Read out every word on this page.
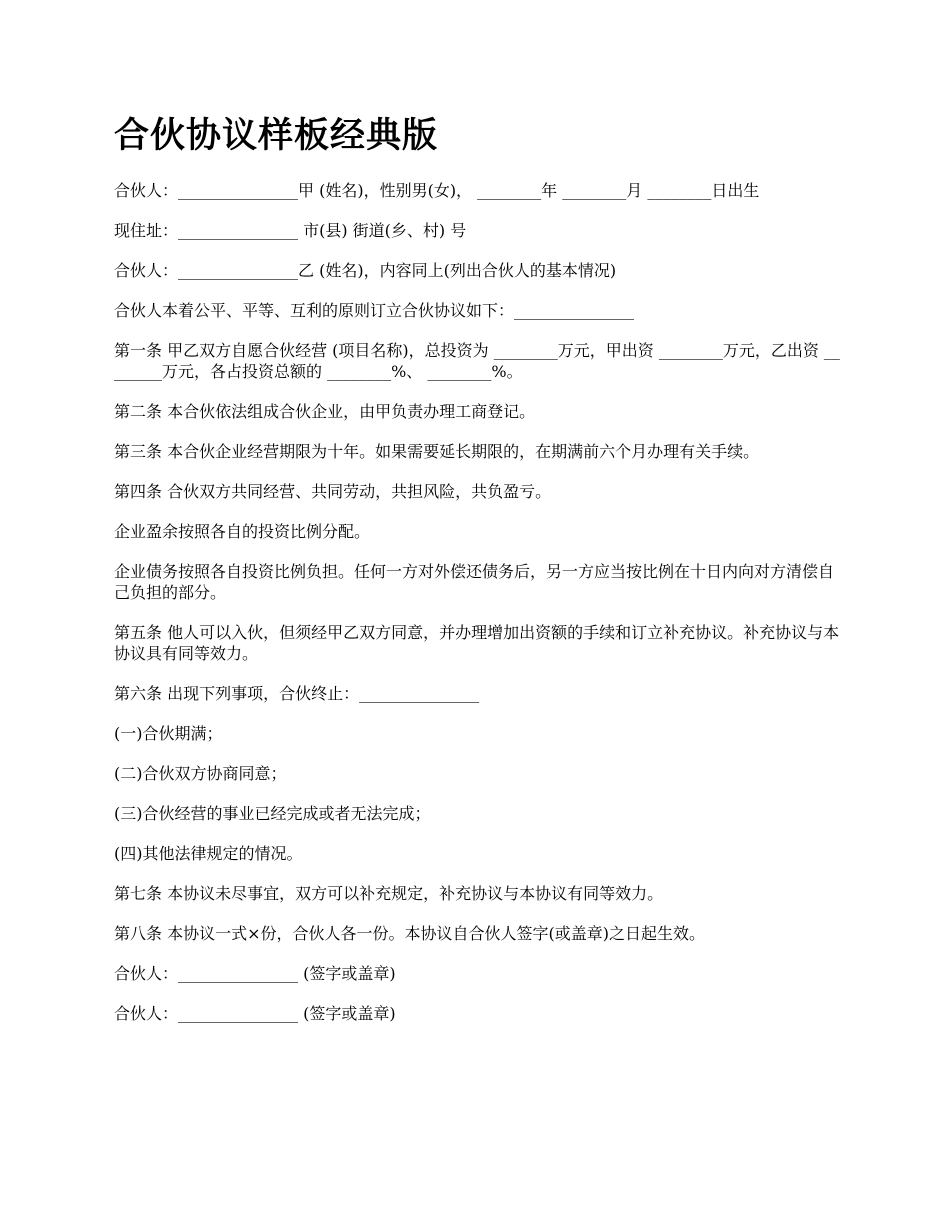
合伙协议样板经典版

合伙人：_______________甲 (姓名)，性别男(女)， ________年 ________月 ________日出生

现住址：_______________ 市(县) 街道(乡、村) 号

合伙人：_______________乙 (姓名)，内容同上(列出合伙人的基本情况)

合伙人本着公平、平等、互利的原则订立合伙协议如下：_______________

第一条 甲乙双方自愿合伙经营 (项目名称)，总投资为 ________万元，甲出资 ________万元，乙出资 ________万元，各占投资总额的 ________%、 ________%。

第二条 本合伙依法组成合伙企业，由甲负责办理工商登记。

第三条 本合伙企业经营期限为十年。如果需要延长期限的，在期满前六个月办理有关手续。

第四条 合伙双方共同经营、共同劳动，共担风险，共负盈亏。

企业盈余按照各自的投资比例分配。

企业债务按照各自投资比例负担。任何一方对外偿还债务后，另一方应当按比例在十日内向对方清偿自己负担的部分。

第五条 他人可以入伙，但须经甲乙双方同意，并办理增加出资额的手续和订立补充协议。补充协议与本协议具有同等效力。

第六条 出现下列事项，合伙终止：_______________

(一)合伙期满；

(二)合伙双方协商同意；

(三)合伙经营的事业已经完成或者无法完成；

(四)其他法律规定的情况。

第七条 本协议未尽事宜，双方可以补充规定，补充协议与本协议有同等效力。

第八条 本协议一式×份，合伙人各一份。本协议自合伙人签字(或盖章)之日起生效。

合伙人：_______________ (签字或盖章)

合伙人：_______________ (签字或盖章)
